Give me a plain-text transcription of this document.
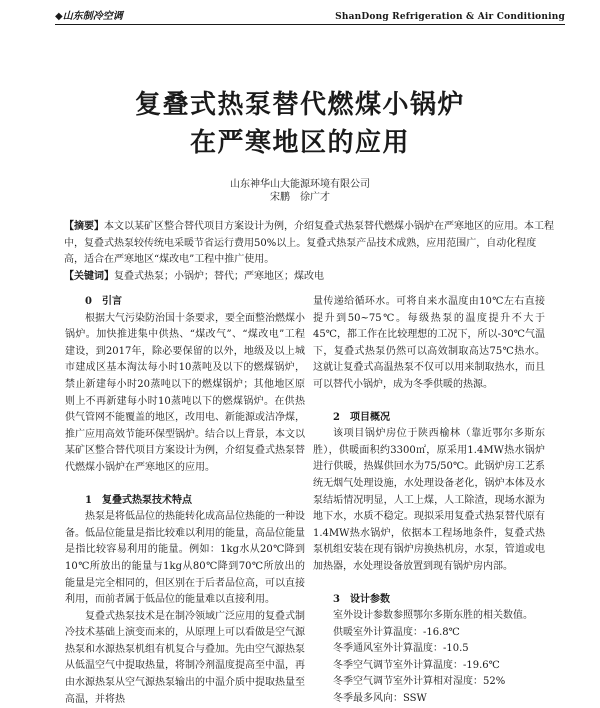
◆山东制冷空调	ShanDong Refrigeration & Air Conditioning
复叠式热泵替代燃煤小锅炉
在严寒地区的应用
山东神华山大能源环境有限公司
宋鹏　徐广才

【摘要】本文以某矿区整合替代项目方案设计为例，介绍复叠式热泵替代燃煤小锅炉在严寒地区的应用。本工程中，复叠式热泵较传统电采暖节省运行费用50%以上。复叠式热泵产品技术成熟，应用范围广，自动化程度高，适合在严寒地区“煤改电”工程中推广使用。

【关键词】复叠式热泵；小锅炉；替代；严寒地区；煤改电

0　引言

根据大气污染防治国十条要求，要全面整治燃煤小锅炉。加快推进集中供热、“煤改气”、“煤改电”工程建设，到2017年，除必要保留的以外，地级及以上城市建成区基本淘汰每小时10蒸吨及以下的燃煤锅炉，禁止新建每小时20蒸吨以下的燃煤锅炉；其他地区原则上不再新建每小时10蒸吨以下的燃煤锅炉。在供热供气管网不能覆盖的地区，改用电、新能源或洁净煤，推广应用高效节能环保型锅炉。结合以上背景，本文以某矿区整合替代项目方案设计为例，介绍复叠式热泵替代燃煤小锅炉在严寒地区的应用。

1　复叠式热泵技术特点

热泵是将低品位的热能转化成高品位热能的一种设备。低品位能量是指比较难以利用的能量，高品位能量是指比较容易利用的能量。例如：1kg水从20℃降到10℃所放出的能量与1kg从80℃降到70℃所放出的能量是完全相同的，但区别在于后者品位高，可以直接利用，而前者属于低品位的能量难以直接利用。

复叠式热泵技术是在制冷领域广泛应用的复叠式制冷技术基础上演变而来的，从原理上可以看做是空气源热泵和水源热泵机组有机复合与叠加。先由空气源热泵从低温空气中提取热量，将制冷剂温度提高至中温，再由水源热泵从空气源热泵输出的中温介质中提取热量至高温，并将热

量传递给循环水。可将自来水温度由10℃左右直接提升到50~75℃。每级热泵的温度提升不大于45℃，都工作在比较理想的工况下，所以-30℃气温下，复叠式热泵仍然可以高效制取高达75℃热水。这就让复叠式高温热泵不仅可以用来制取热水，而且可以替代小锅炉，成为冬季供暖的热源。

2　项目概况

该项目锅炉房位于陕西榆林（靠近鄂尔多斯东胜），供暖面积约3300㎡，原采用1.4MW热水锅炉进行供暖，热媒供回水为75/50℃。此锅炉房工艺系统无烟气处理设施，水处理设备老化，锅炉本体及水泵结垢情况明显，人工上煤，人工除渣，现场水源为地下水，水质不稳定。现拟采用复叠式热泵替代原有1.4MW热水锅炉，依据本工程场地条件，复叠式热泵机组安装在现有锅炉房换热机房，水泵，管道或电加热器，水处理设备放置到现有锅炉房内部。

3　设计参数

室外设计参数参照鄂尔多斯东胜的相关数值。

供暖室外计算温度：-16.8℃
冬季通风室外计算温度：-10.5
冬季空气调节室外计算温度：-19.6℃
冬季空气调节室外计算相对湿度：52%
冬季最多风向：SSW
